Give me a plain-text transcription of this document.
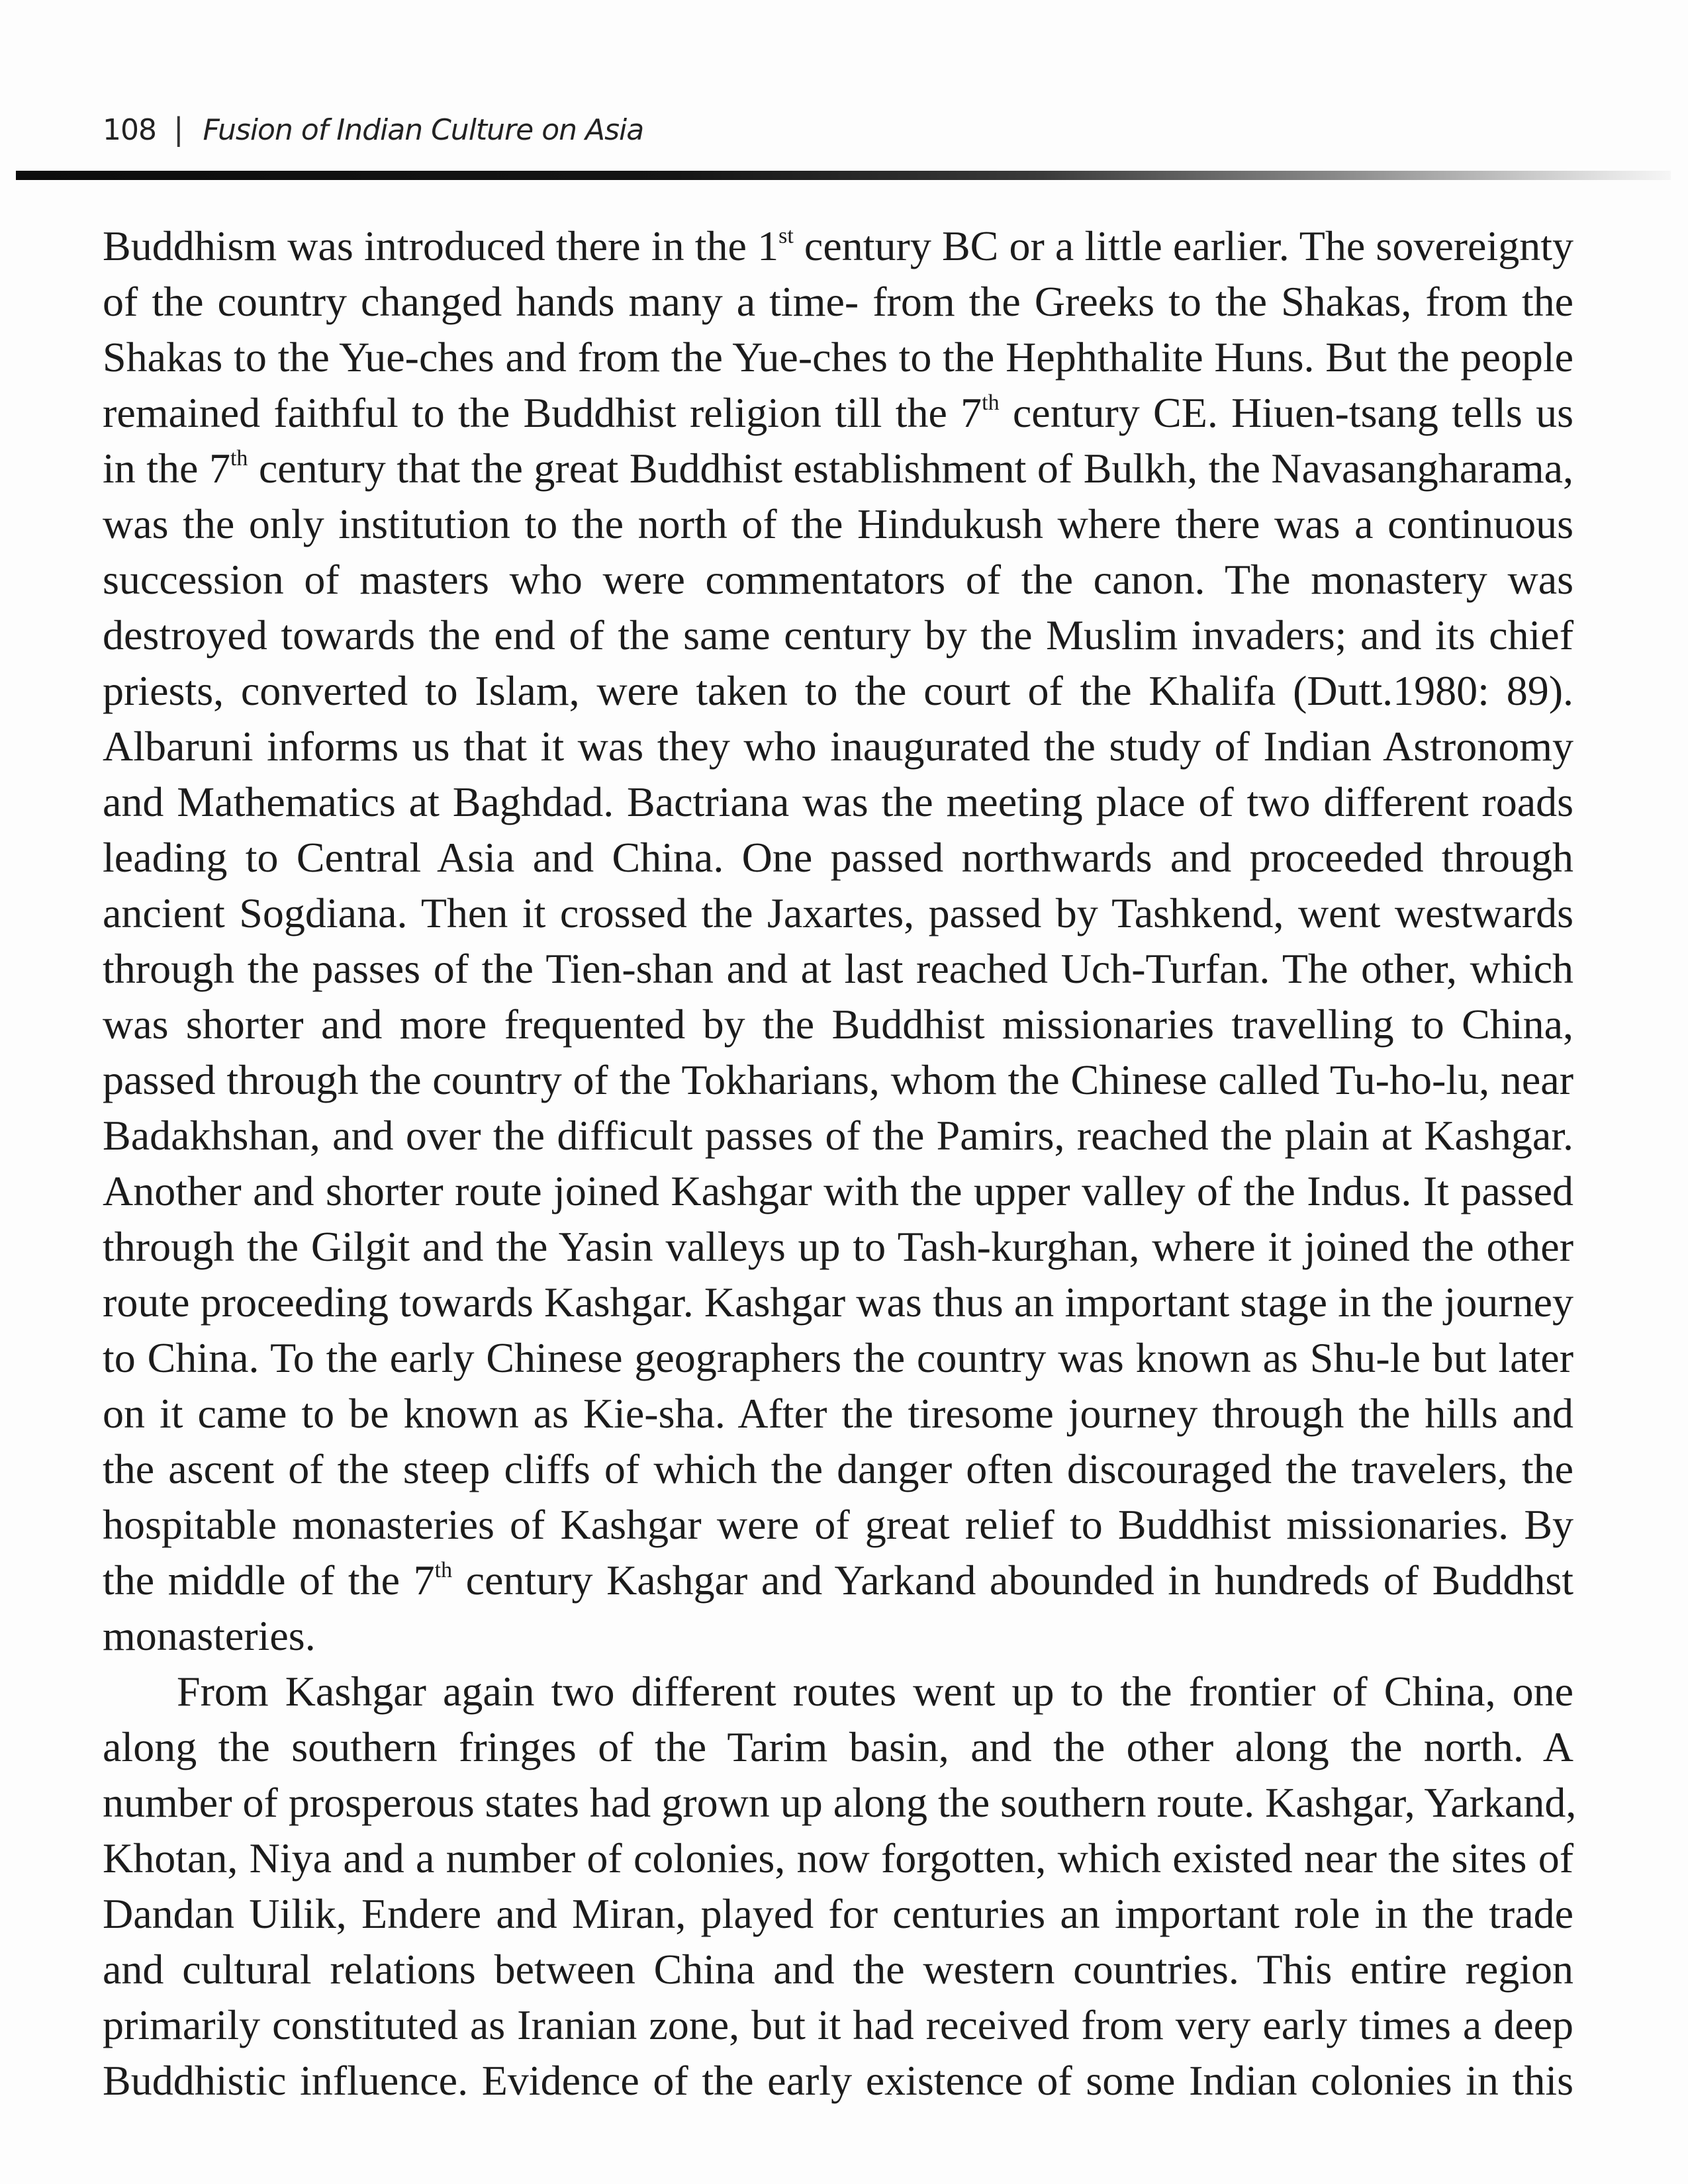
108 | Fusion of Indian Culture on Asia
Buddhism was introduced there in the 1st century BC or a little earlier. The sovereignty
of the country changed hands many a time- from the Greeks to the Shakas, from the
Shakas to the Yue-ches and from the Yue-ches to the Hephthalite Huns. But the people
remained faithful to the Buddhist religion till the 7th century CE. Hiuen-tsang tells us
in the 7th century that the great Buddhist establishment of Bulkh, the Navasangharama,
was the only institution to the north of the Hindukush where there was a continuous
succession of masters who were commentators of the canon. The monastery was
destroyed towards the end of the same century by the Muslim invaders; and its chief
priests, converted to Islam, were taken to the court of the Khalifa (Dutt.1980: 89).
Albaruni informs us that it was they who inaugurated the study of Indian Astronomy
and Mathematics at Baghdad. Bactriana was the meeting place of two different roads
leading to Central Asia and China. One passed northwards and proceeded through
ancient Sogdiana. Then it crossed the Jaxartes, passed by Tashkend, went westwards
through the passes of the Tien-shan and at last reached Uch-Turfan. The other, which
was shorter and more frequented by the Buddhist missionaries travelling to China,
passed through the country of the Tokharians, whom the Chinese called Tu-ho-lu, near
Badakhshan, and over the difficult passes of the Pamirs, reached the plain at Kashgar.
Another and shorter route joined Kashgar with the upper valley of the Indus. It passed
through the Gilgit and the Yasin valleys up to Tash-kurghan, where it joined the other
route proceeding towards Kashgar. Kashgar was thus an important stage in the journey
to China. To the early Chinese geographers the country was known as Shu-le but later
on it came to be known as Kie-sha. After the tiresome journey through the hills and
the ascent of the steep cliffs of which the danger often discouraged the travelers, the
hospitable monasteries of Kashgar were of great relief to Buddhist missionaries. By
the middle of the 7th century Kashgar and Yarkand abounded in hundreds of Buddhst
monasteries.
From Kashgar again two different routes went up to the frontier of China, one
along the southern fringes of the Tarim basin, and the other along the north. A
number of prosperous states had grown up along the southern route. Kashgar, Yarkand,
Khotan, Niya and a number of colonies, now forgotten, which existed near the sites of
Dandan Uilik, Endere and Miran, played for centuries an important role in the trade
and cultural relations between China and the western countries. This entire region
primarily constituted as Iranian zone, but it had received from very early times a deep
Buddhistic influence. Evidence of the early existence of some Indian colonies in this
